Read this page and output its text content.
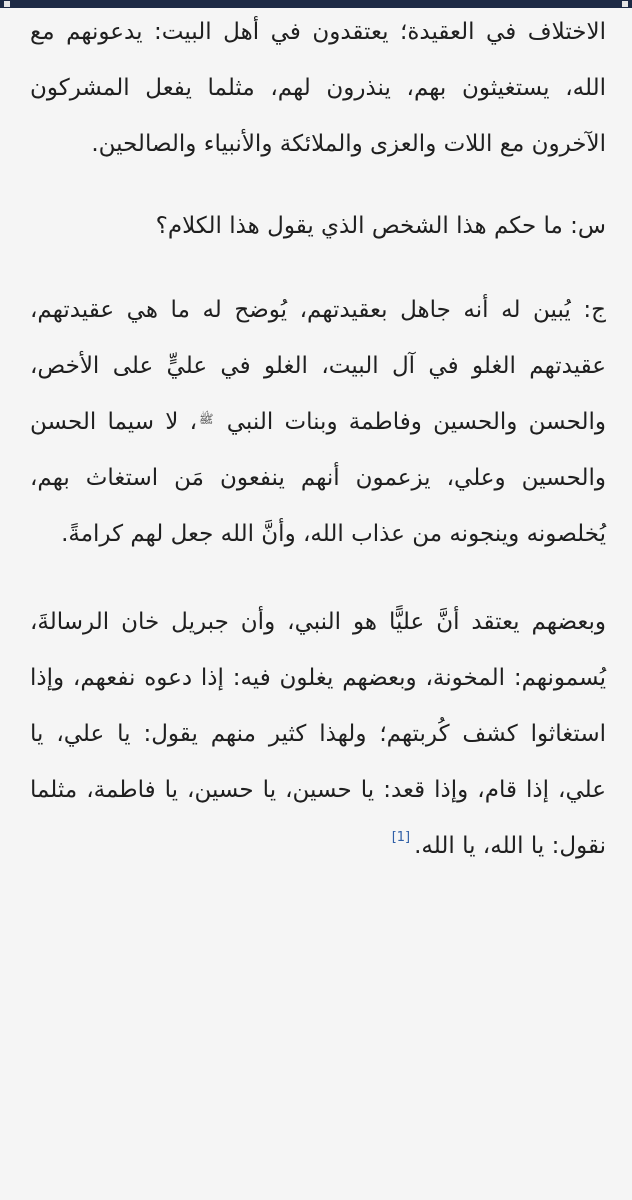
الاختلاف في العقيدة؛ يعتقدون في أهل البيت: يدعونهم مع الله، يستغيثون بهم، ينذرون لهم، مثلما يفعل المشركون الآخرون مع اللات والعزى والملائكة والأنبياء والصالحين.

س: ما حكم هذا الشخص الذي يقول هذا الكلام؟

ج: يُبين له أنه جاهل بعقيدتهم، يُوضح له ما هي عقيدتهم، عقيدتهم الغلو في آل البيت، الغلو في عليٍّ على الأخص، والحسن والحسين وفاطمة وبنات النبي ﷺ، لا سيما الحسن والحسين وعلي، يزعمون أنهم ينفعون مَن استغاث بهم، يُخلصونه وينجونه من عذاب الله، وأنَّ الله جعل لهم كرامةً.

وبعضهم يعتقد أنَّ عليًّا هو النبي، وأن جبريل خان الرسالةَ، يُسمونهم: المخونة، وبعضهم يغلون فيه: إذا دعوه نفعهم، وإذا استغاثوا كشف كُربتهم؛ ولهذا كثير منهم يقول: يا علي، يا علي، إذا قام، وإذا قعد: يا حسين، يا حسين، يا فاطمة، مثلما نقول: يا الله، يا الله.[1]
